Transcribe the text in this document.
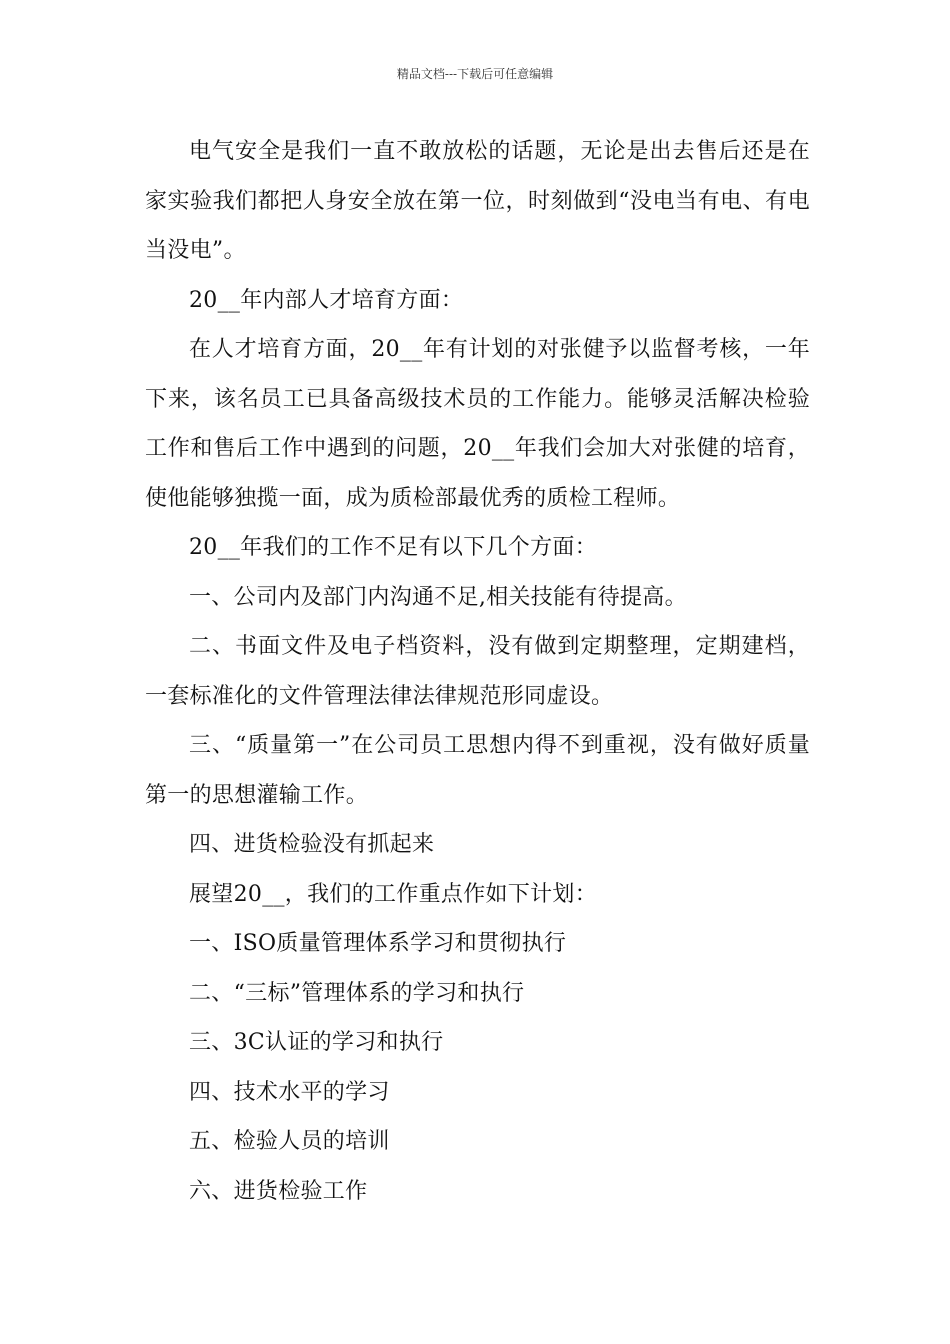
精品文档---下载后可任意编辑

电气安全是我们一直不敢放松的话题，无论是出去售后还是在家实验我们都把人身安全放在第一位，时刻做到“没电当有电、有电当没电”。

20__年内部人才培育方面：

在人才培育方面，20__年有计划的对张健予以监督考核，一年下来，该名员工已具备高级技术员的工作能力。能够灵活解决检验工作和售后工作中遇到的问题，20__年我们会加大对张健的培育，使他能够独揽一面，成为质检部最优秀的质检工程师。

20__年我们的工作不足有以下几个方面：

一、公司内及部门内沟通不足,相关技能有待提高。

二、书面文件及电子档资料，没有做到定期整理，定期建档，一套标准化的文件管理法律法律规范形同虚设。

三、“质量第一”在公司员工思想内得不到重视，没有做好质量第一的思想灌输工作。

四、进货检验没有抓起来

展望20__，我们的工作重点作如下计划：

一、ISO质量管理体系学习和贯彻执行

二、“三标”管理体系的学习和执行

三、3C认证的学习和执行

四、技术水平的学习

五、检验人员的培训

六、进货检验工作
